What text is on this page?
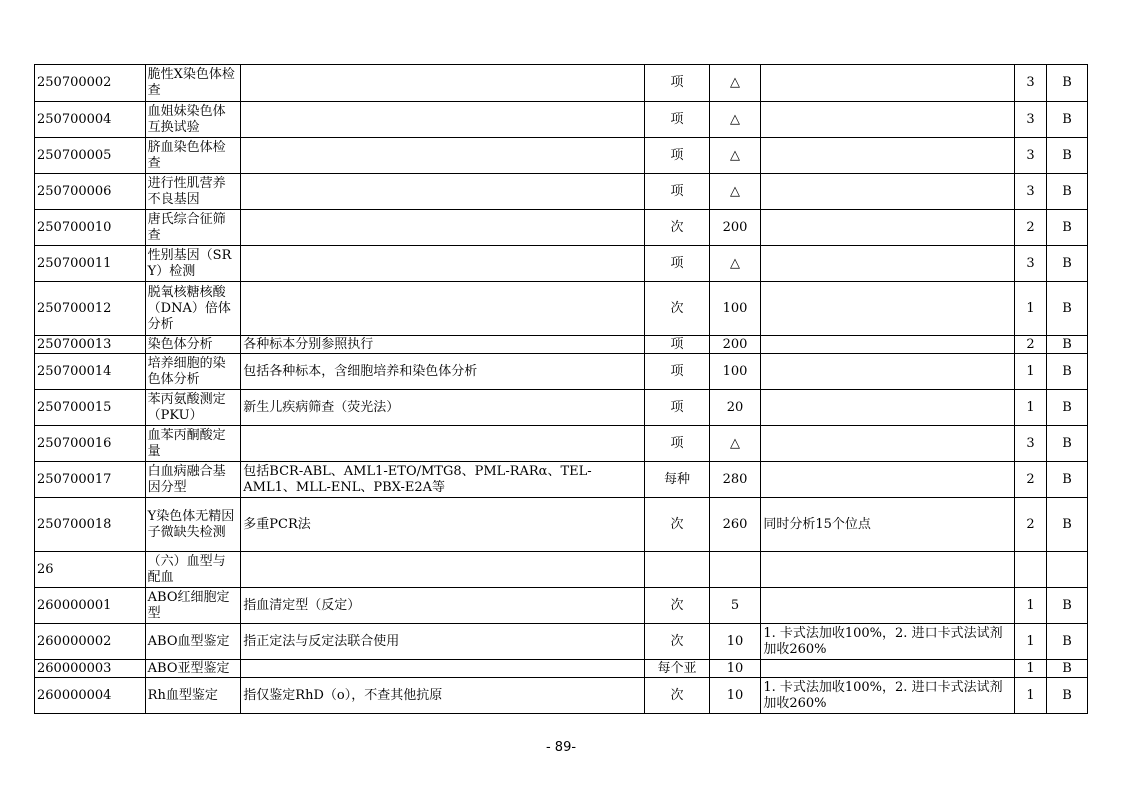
250700002	脆性X染色体检查		项	△		3	B
250700004	血姐妹染色体互换试验		项	△		3	B
250700005	脐血染色体检查		项	△		3	B
250700006	进行性肌营养不良基因		项	△		3	B
250700010	唐氏综合征筛查		次	200		2	B
250700011	性别基因（SRY）检测		项	△		3	B
250700012	脱氧核糖核酸（DNA）倍体分析		次	100		1	B
250700013	染色体分析	各种标本分别参照执行	项	200		2	B
250700014	培养细胞的染色体分析	包括各种标本，含细胞培养和染色体分析	项	100		1	B
250700015	苯丙氨酸测定（PKU）	新生儿疾病筛查（荧光法）	项	20		1	B
250700016	血苯丙酮酸定量		项	△		3	B
250700017	白血病融合基因分型	包括BCR-ABL、AML1-ETO/MTG8、PML-RARα、TEL-AML1、MLL-ENL、PBX-E2A等	每种	280		2	B
250700018	Y染色体无精因子微缺失检测	多重PCR法	次	260	同时分析15个位点	2	B
26	（六）血型与配血						
260000001	ABO红细胞定型	指血清定型（反定）	次	5		1	B
260000002	ABO血型鉴定	指正定法与反定法联合使用	次	10	1. 卡式法加收100%，2. 进口卡式法试剂加收260%	1	B
260000003	ABO亚型鉴定		每个亚	10		1	B
260000004	Rh血型鉴定	指仅鉴定RhD（o），不查其他抗原	次	10	1. 卡式法加收100%，2. 进口卡式法试剂加收260%	1	B
- 89-
